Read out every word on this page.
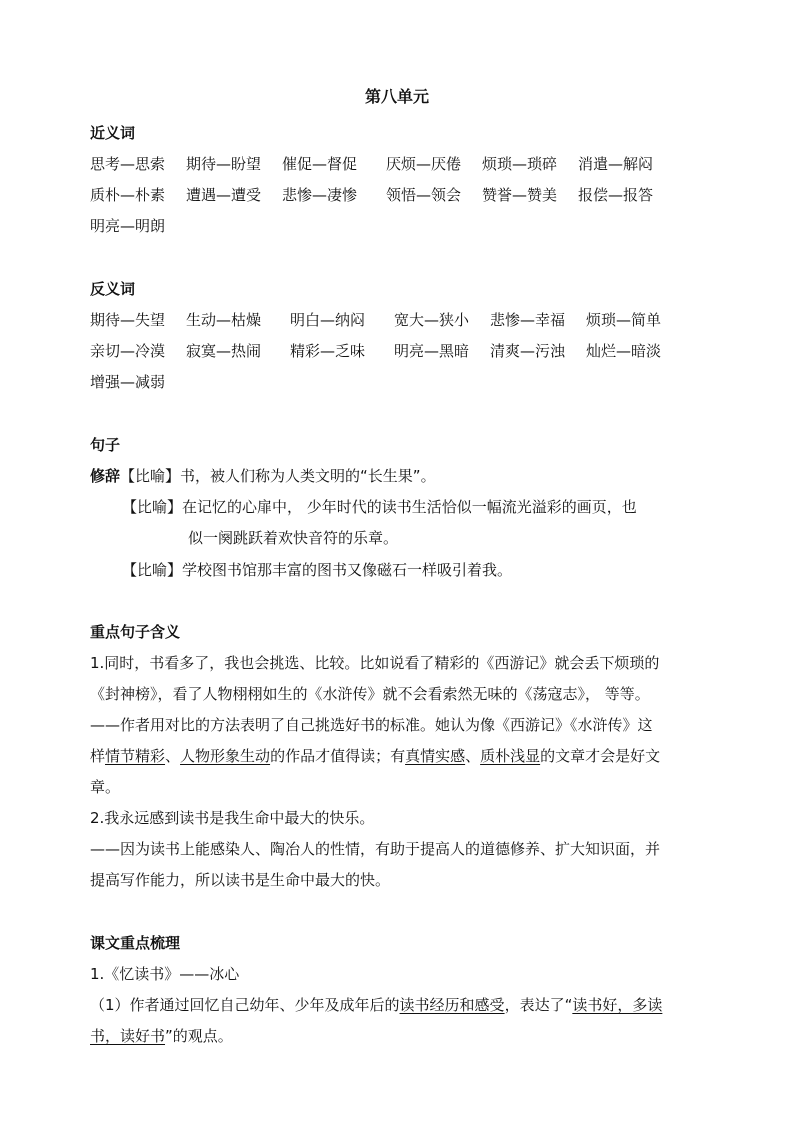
第八单元
近义词
思考—思索 期待—盼望 催促—督促 厌烦—厌倦 烦琐—琐碎 消遣—解闷
质朴—朴素 遭遇—遭受 悲惨—凄惨 领悟—领会 赞誉—赞美 报偿—报答
明亮—明朗
反义词
期待—失望 生动—枯燥 明白—纳闷 宽大—狭小 悲惨—幸福 烦琐—简单
亲切—冷漠 寂寞—热闹 精彩—乏味 明亮—黑暗 清爽—污浊 灿烂—暗淡
增强—减弱
句子
修辞【比喻】书，被人们称为人类文明的“长生果”。
【比喻】在记忆的心扉中， 少年时代的读书生活恰似一幅流光溢彩的画页，也
似一阕跳跃着欢快音符的乐章。
【比喻】学校图书馆那丰富的图书又像磁石一样吸引着我。
重点句子含义
1.同时，书看多了，我也会挑选、比较。比如说看了精彩的《西游记》就会丢下烦琐的
《封神榜》，看了人物栩栩如生的《水浒传》就不会看索然无味的《荡寇志》， 等等。
——作者用对比的方法表明了自己挑选好书的标准。她认为像《西游记》《水浒传》这
样情节精彩、人物形象生动的作品才值得读；有真情实感、质朴浅显的文章才会是好文
章。
2.我永远感到读书是我生命中最大的快乐。
——因为读书上能感染人、陶冶人的性情，有助于提高人的道德修养、扩大知识面，并
提高写作能力，所以读书是生命中最大的快。
课文重点梳理
1.《忆读书》——冰心
（1）作者通过回忆自己幼年、少年及成年后的读书经历和感受，表达了“读书好，多读
书，读好书”的观点。
